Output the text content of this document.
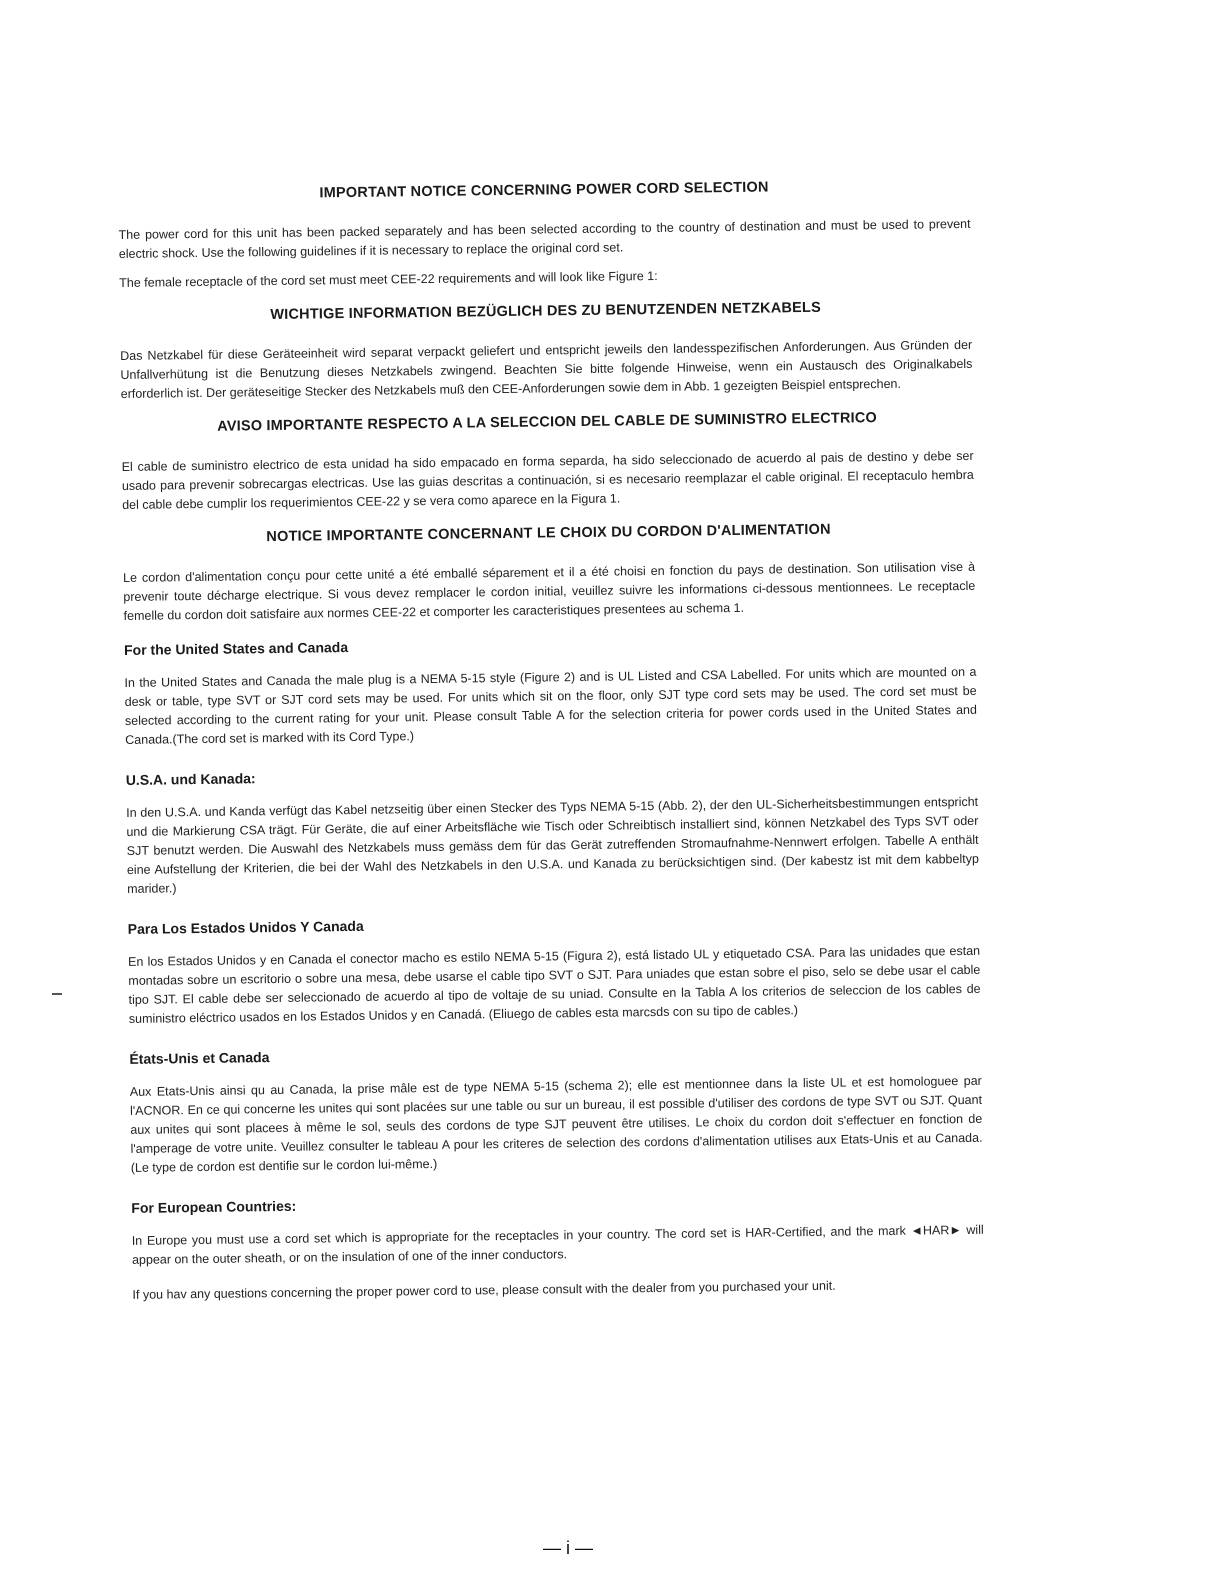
IMPORTANT NOTICE CONCERNING POWER CORD SELECTION

The power cord for this unit has been packed separately and has been selected according to the country of destination and must be used to prevent electric shock. Use the following guidelines if it is necessary to replace the original cord set.

The female receptacle of the cord set must meet CEE-22 requirements and will look like Figure 1:

WICHTIGE INFORMATION BEZÜGLICH DES ZU BENUTZENDEN NETZKABELS

Das Netzkabel für diese Geräteeinheit wird separat verpackt geliefert und entspricht jeweils den landesspezifischen Anforderungen. Aus Gründen der Unfallverhütung ist die Benutzung dieses Netzkabels zwingend. Beachten Sie bitte folgende Hinweise, wenn ein Austausch des Originalkabels erforderlich ist. Der geräteseitige Stecker des Netzkabels muß den CEE-Anforderungen sowie dem in Abb. 1 gezeigten Beispiel entsprechen.

AVISO IMPORTANTE RESPECTO A LA SELECCION DEL CABLE DE SUMINISTRO ELECTRICO

El cable de suministro electrico de esta unidad ha sido empacado en forma separda, ha sido seleccionado de acuerdo al pais de destino y debe ser usado para prevenir sobrecargas electricas. Use las guias descritas a continuación, si es necesario reemplazar el cable original. El receptaculo hembra del cable debe cumplir los requerimientos CEE-22 y se vera como aparece en la Figura 1.

NOTICE IMPORTANTE CONCERNANT LE CHOIX DU CORDON D'ALIMENTATION

Le cordon d'alimentation conçu pour cette unité a été emballé séparement et il a été choisi en fonction du pays de destination. Son utilisation vise à prevenir toute décharge electrique. Si vous devez remplacer le cordon initial, veuillez suivre les informations ci-dessous mentionnees. Le receptacle femelle du cordon doit satisfaire aux normes CEE-22 et comporter les caracteristiques presentees au schema 1.

For the United States and Canada

In the United States and Canada the male plug is a NEMA 5-15 style (Figure 2) and is UL Listed and CSA Labelled. For units which are mounted on a desk or table, type SVT or SJT cord sets may be used. For units which sit on the floor, only SJT type cord sets may be used. The cord set must be selected according to the current rating for your unit. Please consult Table A for the selection criteria for power cords used in the United States and Canada.(The cord set is marked with its Cord Type.)

U.S.A. und Kanada:

In den U.S.A. und Kanda verfügt das Kabel netzseitig über einen Stecker des Typs NEMA 5-15 (Abb. 2), der den UL-Sicherheitsbestimmungen entspricht und die Markierung CSA trägt. Für Geräte, die auf einer Arbeitsfläche wie Tisch oder Schreibtisch installiert sind, können Netzkabel des Typs SVT oder SJT benutzt werden. Die Auswahl des Netzkabels muss gemäss dem für das Gerät zutreffenden Stromaufnahme-Nennwert erfolgen. Tabelle A enthält eine Aufstellung der Kriterien, die bei der Wahl des Netzkabels in den U.S.A. und Kanada zu berücksichtigen sind. (Der kabestz ist mit dem kabbeltyp marider.)

Para Los Estados Unidos Y Canada

En los Estados Unidos y en Canada el conector macho es estilo NEMA 5-15 (Figura 2), está listado UL y etiquetado CSA. Para las unidades que estan montadas sobre un escritorio o sobre una mesa, debe usarse el cable tipo SVT o SJT. Para uniades que estan sobre el piso, selo se debe usar el cable tipo SJT. El cable debe ser seleccionado de acuerdo al tipo de voltaje de su uniad. Consulte en la Tabla A los criterios de seleccion de los cables de suministro eléctrico usados en los Estados Unidos y en Canadá. (Eliuego de cables esta marcsds con su tipo de cables.)

États-Unis et Canada

Aux Etats-Unis ainsi qu au Canada, la prise mâle est de type NEMA 5-15 (schema 2); elle est mentionnee dans la liste UL et est homologuee par l'ACNOR. En ce qui concerne les unites qui sont placées sur une table ou sur un bureau, il est possible d'utiliser des cordons de type SVT ou SJT. Quant aux unites qui sont placees à même le sol, seuls des cordons de type SJT peuvent être utilises. Le choix du cordon doit s'effectuer en fonction de l'amperage de votre unite. Veuillez consulter le tableau A pour les criteres de selection des cordons d'alimentation utilises aux Etats-Unis et au Canada. (Le type de cordon est dentifie sur le cordon lui-même.)

For European Countries:

In Europe you must use a cord set which is appropriate for the receptacles in your country. The cord set is HAR-Certified, and the mark ◄HAR► will appear on the outer sheath, or on the insulation of one of the inner conductors.

If you hav any questions concerning the proper power cord to use, please consult with the dealer from you purchased your unit.

— i —
